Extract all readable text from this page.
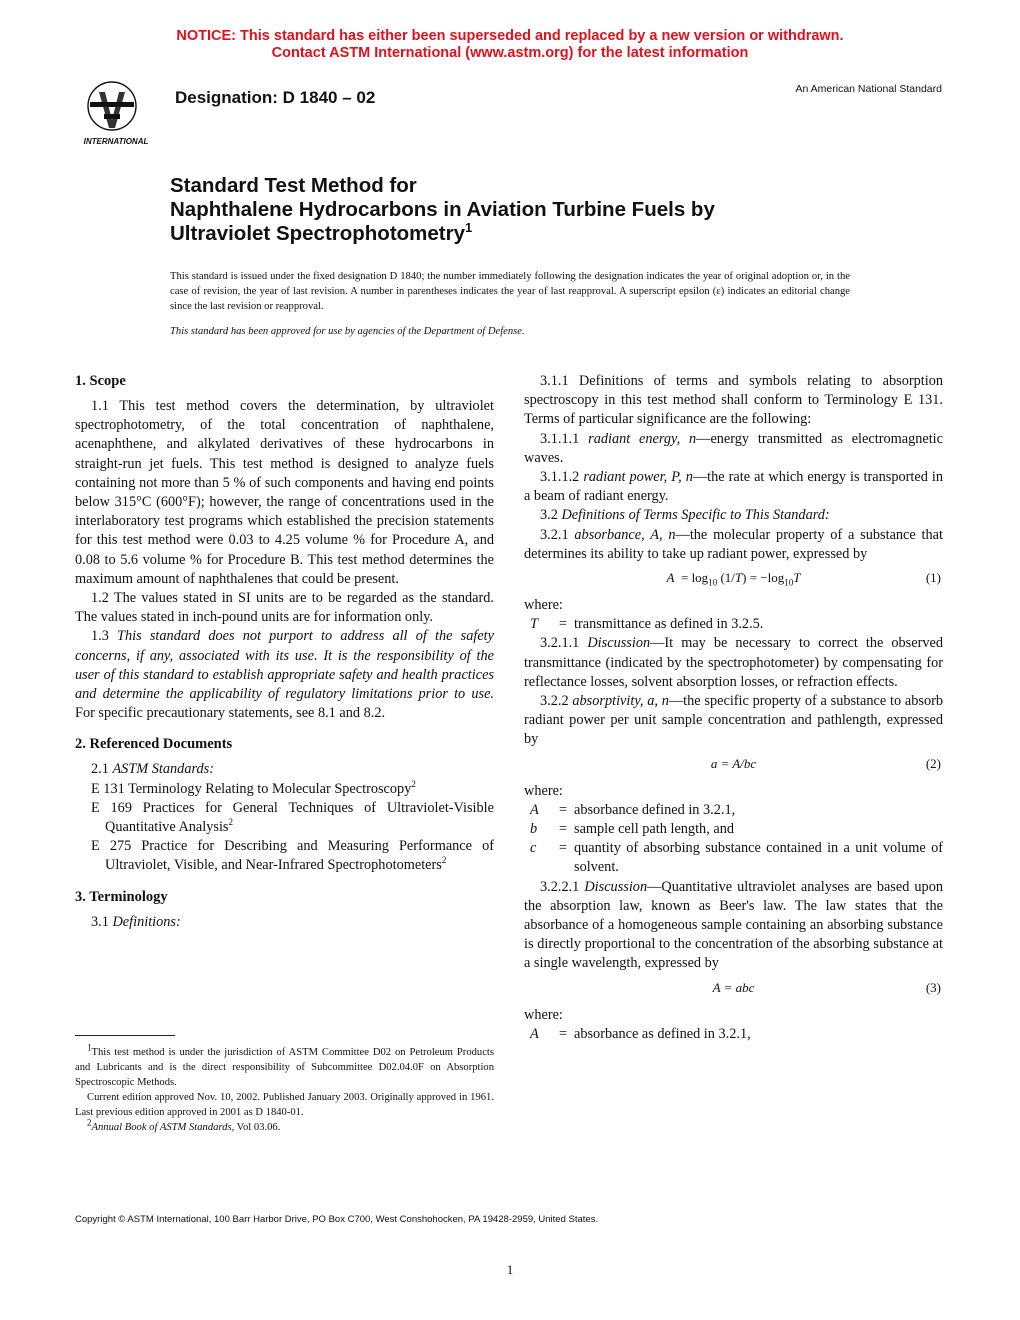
NOTICE: This standard has either been superseded and replaced by a new version or withdrawn.
Contact ASTM International (www.astm.org) for the latest information
INTERNATIONAL
Designation: D 1840 – 02	An American National Standard
Standard Test Method for
Naphthalene Hydrocarbons in Aviation Turbine Fuels by
Ultraviolet Spectrophotometry$^1$
This standard is issued under the fixed designation D 1840; the number immediately following the designation indicates the year of original adoption or, in the case of revision, the year of last revision. A number in parentheses indicates the year of last reapproval. A superscript epsilon (ε) indicates an editorial change since the last revision or reapproval.
This standard has been approved for use by agencies of the Department of Defense.
1. Scope

1.1 This test method covers the determination, by ultraviolet spectrophotometry, of the total concentration of naphthalene, acenaphthene, and alkylated derivatives of these hydrocarbons in straight-run jet fuels. This test method is designed to analyze fuels containing not more than 5 % of such components and having end points below 315°C (600°F); however, the range of concentrations used in the interlaboratory test programs which established the precision statements for this test method were 0.03 to 4.25 volume % for Procedure A, and 0.08 to 5.6 volume % for Procedure B. This test method determines the maximum amount of naphthalenes that could be present.

1.2 The values stated in SI units are to be regarded as the standard. The values stated in inch-pound units are for information only.

1.3 This standard does not purport to address all of the safety concerns, if any, associated with its use. It is the responsibility of the user of this standard to establish appropriate safety and health practices and determine the applicability of regulatory limitations prior to use. For specific precautionary statements, see 8.1 and 8.2.

2. Referenced Documents

2.1 ASTM Standards:

E 131 Terminology Relating to Molecular Spectroscopy$^2$

E 169 Practices for General Techniques of Ultraviolet-Visible Quantitative Analysis$^2$

E 275 Practice for Describing and Measuring Performance of Ultraviolet, Visible, and Near-Infrared Spectrophotometers$^2$

3. Terminology

3.1 Definitions:

3.1.1 Definitions of terms and symbols relating to absorption spectroscopy in this test method shall conform to Terminology E 131. Terms of particular significance are the following:

3.1.1.1 radiant energy, n—energy transmitted as electromagnetic waves.

3.1.1.2 radiant power, P, n—the rate at which energy is transported in a beam of radiant energy.

3.2 Definitions of Terms Specific to This Standard:

3.2.1 absorbance, A, n—the molecular property of a substance that determines its ability to take up radiant power, expressed by

$A = \log_{10} (1/T) = -\log_{10}T$	(1)
where:
T	= transmittance as defined in 3.2.5.

3.2.1.1 Discussion—It may be necessary to correct the observed transmittance (indicated by the spectrophotometer) by compensating for reflectance losses, solvent absorption losses, or refraction effects.

3.2.2 absorptivity, a, n—the specific property of a substance to absorb radiant power per unit sample concentration and pathlength, expressed by

a = A/bc	(2)
where:
A	= absorbance defined in 3.2.1,
b	= sample cell path length, and
c	= quantity of absorbing substance contained in a unit volume of solvent.

3.2.2.1 Discussion—Quantitative ultraviolet analyses are based upon the absorption law, known as Beer's law. The law states that the absorbance of a homogeneous sample containing an absorbing substance is directly proportional to the concentration of the absorbing substance at a single wavelength, expressed by

A = abc	(3)
where:
A	= absorbance as defined in 3.2.1,

$^1$This test method is under the jurisdiction of ASTM Committee D02 on Petroleum Products and Lubricants and is the direct responsibility of Subcommittee D02.04.0F on Absorption Spectroscopic Methods.

Current edition approved Nov. 10, 2002. Published January 2003. Originally approved in 1961. Last previous edition approved in 2001 as D 1840-01.

$^2$Annual Book of ASTM Standards, Vol 03.06.

Copyright © ASTM International, 100 Barr Harbor Drive, PO Box C700, West Conshohocken, PA 19428-2959, United States.
1
